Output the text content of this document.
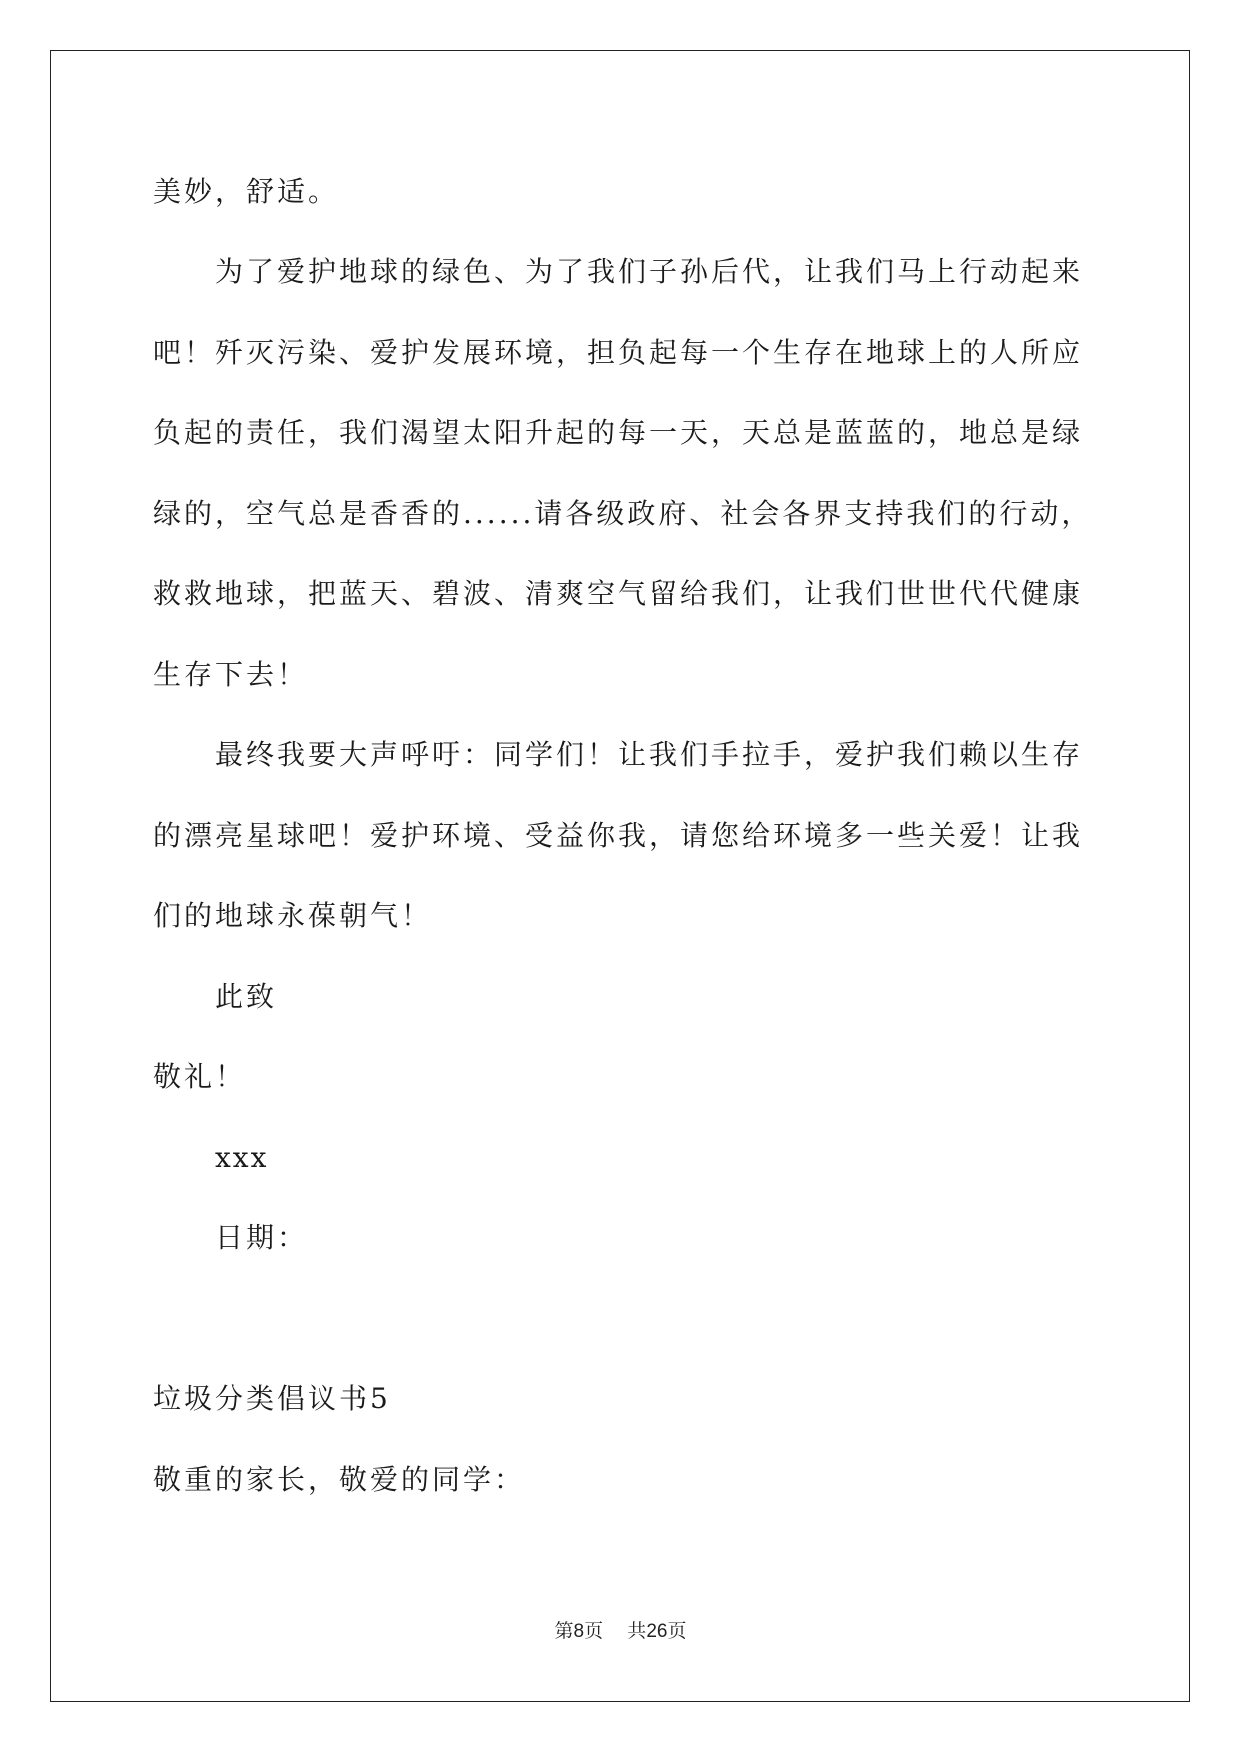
美妙，舒适。
为了爱护地球的绿色、为了我们子孙后代，让我们马上行动起来
吧！歼灭污染、爱护发展环境，担负起每一个生存在地球上的人所应
负起的责任，我们渴望太阳升起的每一天，天总是蓝蓝的，地总是绿
绿的，空气总是香香的......请各级政府、社会各界支持我们的行动，
救救地球，把蓝天、碧波、清爽空气留给我们，让我们世世代代健康
生存下去！
最终我要大声呼吁：同学们！让我们手拉手，爱护我们赖以生存
的漂亮星球吧！爱护环境、受益你我，请您给环境多一些关爱！让我
们的地球永葆朝气！
此致
敬礼！
xxx
日期：
垃圾分类倡议书5
敬重的家长，敬爱的同学：
第8页 共26页
